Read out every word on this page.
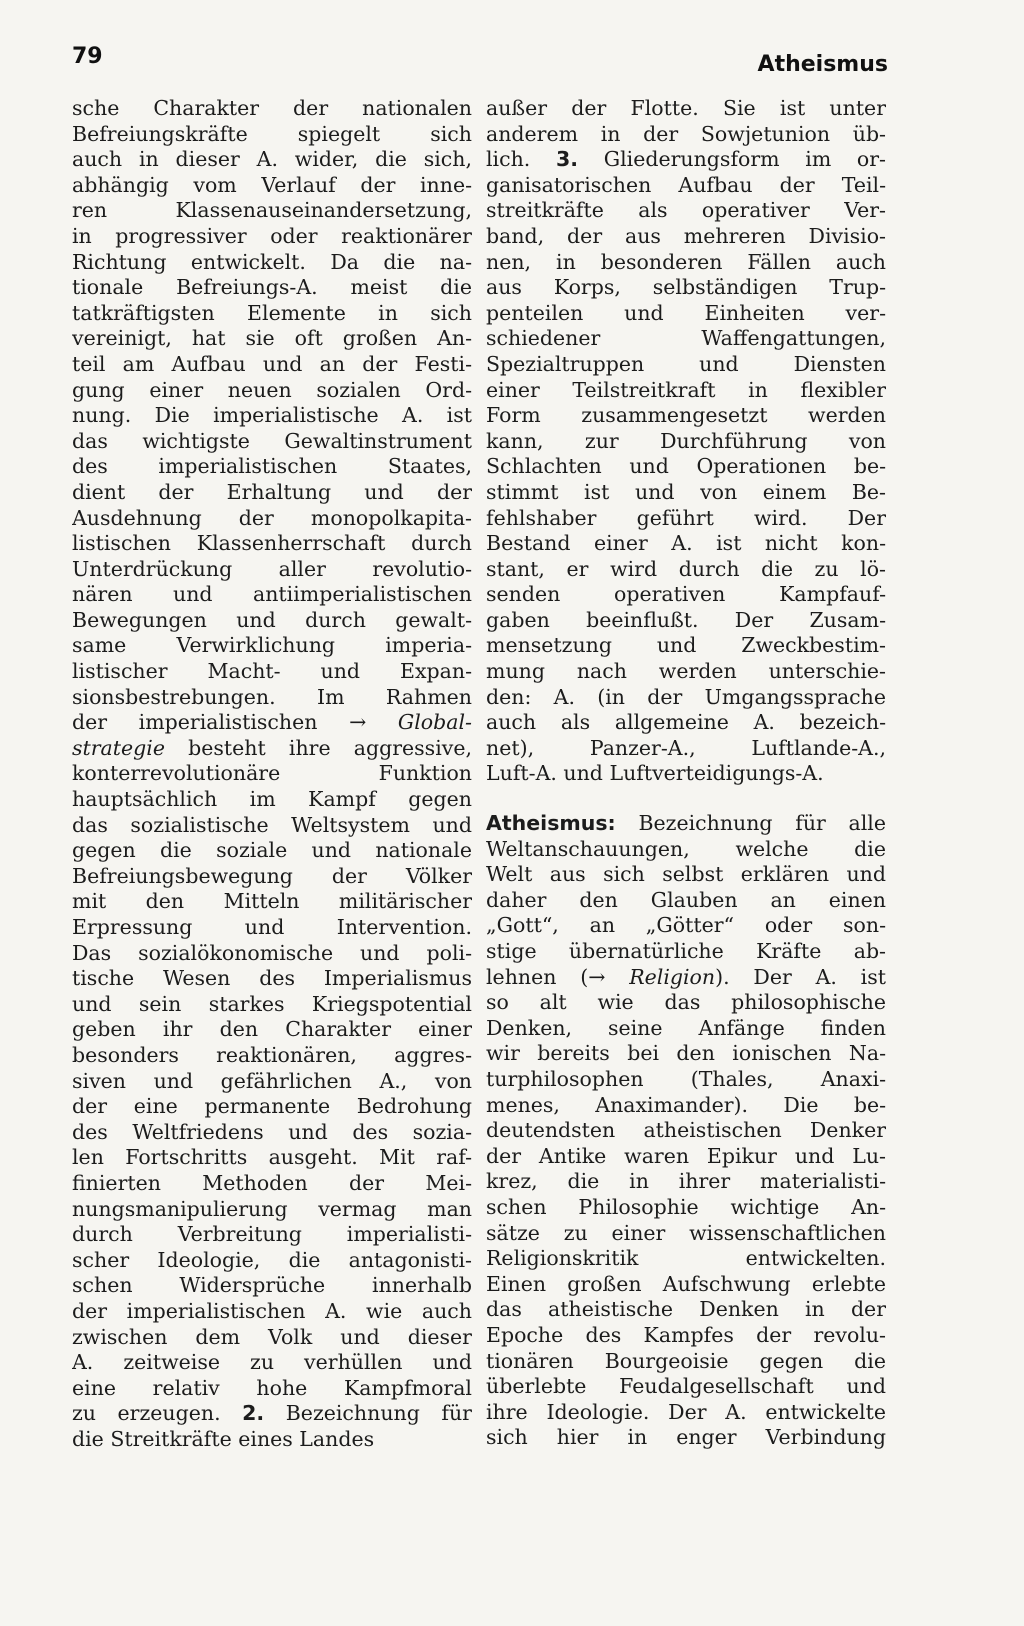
79	Atheismus
sche Charakter der nationalen
Befreiungskräfte spiegelt sich
auch in dieser A. wider, die sich,
abhängig vom Verlauf der inne-
ren Klassenauseinandersetzung,
in progressiver oder reaktionärer
Richtung entwickelt. Da die na-
tionale Befreiungs-A. meist die
tatkräftigsten Elemente in sich
vereinigt, hat sie oft großen An-
teil am Aufbau und an der Festi-
gung einer neuen sozialen Ord-
nung. Die imperialistische A. ist
das wichtigste Gewaltinstrument
des imperialistischen Staates,
dient der Erhaltung und der
Ausdehnung der monopolkapita-
listischen Klassenherrschaft durch
Unterdrückung aller revolutio-
nären und antiimperialistischen
Bewegungen und durch gewalt-
same Verwirklichung imperia-
listischer Macht- und Expan-
sionsbestrebungen. Im Rahmen
der imperialistischen → Global-
strategie besteht ihre aggressive,
konterrevolutionäre Funktion
hauptsächlich im Kampf gegen
das sozialistische Weltsystem und
gegen die soziale und nationale
Befreiungsbewegung der Völker
mit den Mitteln militärischer
Erpressung und Intervention.
Das sozialökonomische und poli-
tische Wesen des Imperialismus
und sein starkes Kriegspotential
geben ihr den Charakter einer
besonders reaktionären, aggres-
siven und gefährlichen A., von
der eine permanente Bedrohung
des Weltfriedens und des sozia-
len Fortschritts ausgeht. Mit raf-
finierten Methoden der Mei-
nungsmanipulierung vermag man
durch Verbreitung imperialisti-
scher Ideologie, die antagonisti-
schen Widersprüche innerhalb
der imperialistischen A. wie auch
zwischen dem Volk und dieser
A. zeitweise zu verhüllen und
eine relativ hohe Kampfmoral
zu erzeugen. 2. Bezeichnung für
die Streitkräfte eines Landes
außer der Flotte. Sie ist unter
anderem in der Sowjetunion üb-
lich. 3. Gliederungsform im or-
ganisatorischen Aufbau der Teil-
streitkräfte als operativer Ver-
band, der aus mehreren Divisio-
nen, in besonderen Fällen auch
aus Korps, selbständigen Trup-
penteilen und Einheiten ver-
schiedener Waffengattungen,
Spezialtruppen und Diensten
einer Teilstreitkraft in flexibler
Form zusammengesetzt werden
kann, zur Durchführung von
Schlachten und Operationen be-
stimmt ist und von einem Be-
fehlshaber geführt wird. Der
Bestand einer A. ist nicht kon-
stant, er wird durch die zu lö-
senden operativen Kampfauf-
gaben beeinflußt. Der Zusam-
mensetzung und Zweckbestim-
mung nach werden unterschie-
den: A. (in der Umgangssprache
auch als allgemeine A. bezeich-
net), Panzer-A., Luftlande-A.,
Luft-A. und Luftverteidigungs-A.
Atheismus: Bezeichnung für alle
Weltanschauungen, welche die
Welt aus sich selbst erklären und
daher den Glauben an einen
„Gott“, an „Götter“ oder son-
stige übernatürliche Kräfte ab-
lehnen (→ Religion). Der A. ist
so alt wie das philosophische
Denken, seine Anfänge finden
wir bereits bei den ionischen Na-
turphilosophen (Thales, Anaxi-
menes, Anaximander). Die be-
deutendsten atheistischen Denker
der Antike waren Epikur und Lu-
krez, die in ihrer materialisti-
schen Philosophie wichtige An-
sätze zu einer wissenschaftlichen
Religionskritik entwickelten.
Einen großen Aufschwung erlebte
das atheistische Denken in der
Epoche des Kampfes der revolu-
tionären Bourgeoisie gegen die
überlebte Feudalgesellschaft und
ihre Ideologie. Der A. entwickelte
sich hier in enger Verbindung
